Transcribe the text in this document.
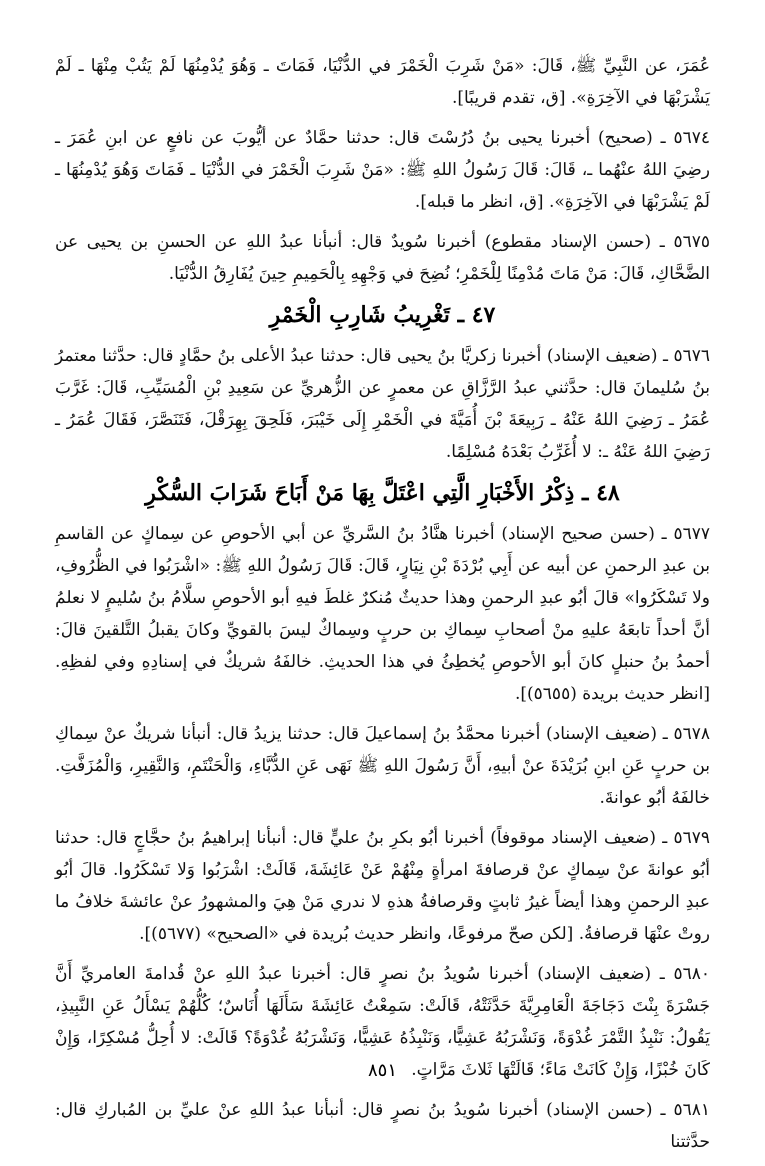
عُمَرَ، عن النَّبِيِّ ﷺ، قَالَ: «مَنْ شَرِبَ الْخَمْرَ في الدُّنْيَا، فَمَاتَ ـ وَهُوَ يُدْمِنُهَا لَمْ يَتُبْ مِنْهَا ـ لَمْ يَشْرَبْهَا في الآخِرَةِ». [ق، تقدم قريبًا].

٥٦٧٤ ـ (صحيح) أخبرنا يحيى بنُ دُرُسْتَ قال: حدثنا حمَّادٌ عن أيُّوبَ عن نافعٍ عن ابنِ عُمَرَ ـ رضِيَ اللهُ عنْهُما ـ، قَالَ: قَالَ رَسُولُ اللهِ ﷺ: «مَنْ شَرِبَ الْخَمْرَ في الدُّنْيَا ـ فَمَاتَ وَهُوَ يُدْمِنُهَا ـ لَمْ يَشْرَبْهَا في الآخِرَةِ». [ق، انظر ما قبله].

٥٦٧٥ ـ (حسن الإسناد مقطوع) أخبرنا سُويدٌ قال: أنبأنا عبدُ اللهِ عن الحسنِ بن يحيى عن الضَّحَّاكِ، قَالَ: مَنْ مَاتَ مُدْمِنًا لِلْخَمْرِ؛ نُضِحَ في وَجْهِهِ بِالْحَمِيمِ حِينَ يُفَارِقُ الدُّنْيَا.

٤٧ ـ تَغْرِيبُ شَارِبِ الْخَمْرِ

٥٦٧٦ ـ (ضعيف الإسناد) أخبرنا زكريَّا بنُ يحيى قال: حدثنا عبدُ الأعلى بنُ حمَّادٍ قال: حدَّثنا معتمرُ بنُ سُليمانَ قال: حدَّثني عبدُ الرَّزَّاقِ عن معمرٍ عن الزُّهريِّ عن سَعِيدِ بْنِ الْمُسَيِّبِ، قَالَ: غَرَّبَ عُمَرُ ـ رَضِيَ اللهُ عَنْهُ ـ رَبِيعَةَ بْنَ أُمَيَّةَ في الْخَمْرِ إِلَى خَيْبَرَ، فَلَحِقَ بِهِرَقْلَ، فَتَنَصَّرَ، فَقَالَ عُمَرُ ـ رَضِيَ اللهُ عَنْهُ ـ: لا أُغَرِّبُ بَعْدَهُ مُسْلِمًا.

٤٨ ـ ذِكْرُ الأَخْبَارِ الَّتِي اعْتَلَّ بِهَا مَنْ أَبَاحَ شَرَابَ السُّكْرِ

٥٦٧٧ ـ (حسن صحيح الإسناد) أخبرنا هنَّادُ بنُ السَّريِّ عن أبي الأحوصِ عن سِماكٍ عن القاسمِ بن عبدِ الرحمنِ عن أبيه عن أَبِي بُرْدَةَ بْنِ نِيَارٍ، قَالَ: قَالَ رَسُولُ اللهِ ﷺ: «اشْرَبُوا في الظُّرُوفِ، ولا تَسْكَرُوا» قالَ أبُو عبدِ الرحمنِ وهذا حديثٌ مُنكرٌ غلطَ فيهِ أبو الأحوصِ سلَّامُ بنُ سُليمٍ لا نعلمُ أنَّ أحداً تابعَهُ عليهِ منْ أصحابِ سِماكِ بن حربٍ وسِماكٌ ليسَ بالقويِّ وكانَ يقبلُ التَّلقينَ قالَ: أحمدُ بنُ حنبلٍ كانَ أبو الأحوصِ يُخطِئُ في هذا الحديثِ. خالفَهُ شريكٌ في إسنادِهِ وفي لفظِهِ. [انظر حديث بريدة (٥٦٥٥)].

٥٦٧٨ ـ (ضعيف الإسناد) أخبرنا محمَّدُ بنُ إسماعيلَ قال: حدثنا يزيدُ قال: أنبأنا شريكٌ عنْ سِماكِ بن حربٍ عَنِ ابنِ بُرَيْدَةَ عنْ أبيهِ، أَنَّ رَسُولَ اللهِ ﷺ نَهَى عَنِ الدُّبَّاءِ، وَالْحَنْتَمِ، وَالنَّقِيرِ، وَالْمُزَفَّتِ. خالفَهُ أبُو عوانةَ.

٥٦٧٩ ـ (ضعيف الإسناد موقوفاً) أخبرنا أبُو بكرِ بنُ عليٍّ قال: أنبأنا إبراهيمُ بنُ حجَّاجٍ قال: حدثنا أبُو عوانةَ عنْ سِماكٍ عنْ قرصافةَ امرأةٍ مِنْهُمْ عَنْ عَائِشَةَ، قَالَتْ: اشْرَبُوا وَلا تَسْكَرُوا. قالَ أبُو عبدِ الرحمنِ وهذا أيضاً غيرُ ثابتٍ وقرصافةُ هذهِ لا ندري مَنْ هِيَ والمشهورُ عنْ عائشةَ خلافُ ما روتْ عنْهَا قرصافةُ. [لكن صحّ مرفوعًا، وانظر حديث بُريدة في «الصحيح» (٥٦٧٧)].

٥٦٨٠ ـ (ضعيف الإسناد) أخبرنا سُويدُ بنُ نصرٍ قال: أخبرنا عبدُ اللهِ عنْ قُدامةَ العامريِّ أَنَّ جَسْرَةَ بِنْتَ دَجَاجَةَ الْعَامِرِيَّةَ حَدَّثَتْهُ، قَالَتْ: سَمِعْتُ عَائِشَةَ سَأَلَهَا أُنَاسٌ؛ كُلُّهُمْ يَسْأَلُ عَنِ النَّبِيذِ، يَقُولُ: نَنْبِذُ التَّمْرَ غُدْوَةً، وَنَشْرَبُهُ عَشِيًّا، وَنَنْبِذُهُ عَشِيًّا، وَنَشْرَبُهُ غُدْوَةً؟ قَالَتْ: لا أُحِلُّ مُسْكِرًا، وَإِنْ كَانَ خُبْزًا، وَإِنْ كَانَتْ مَاءً؛ قَالَتْهَا ثَلاثَ مَرَّاتٍ.

٥٦٨١ ـ (حسن الإسناد) أخبرنا سُويدُ بنُ نصرٍ قال: أنبأنا عبدُ اللهِ عنْ عليِّ بن المُباركِ قال: حدَّثتنا

٨٥١
